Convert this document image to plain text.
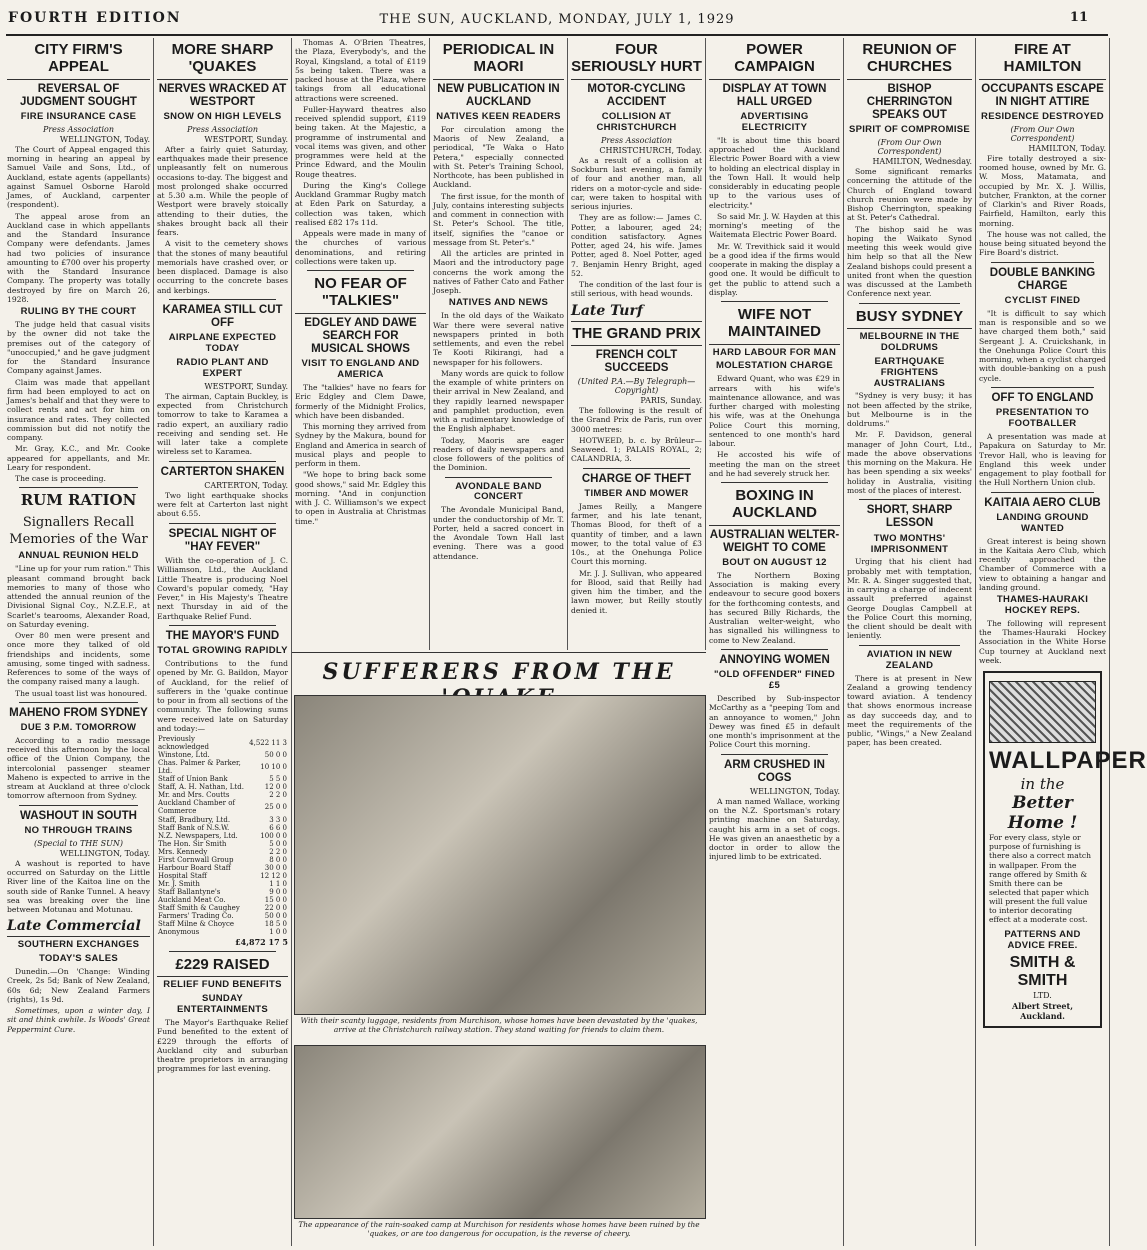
FOURTH EDITION	THE SUN, AUCKLAND, MONDAY, JULY 1, 1929	11
CITY FIRM'S APPEAL
REVERSAL OF JUDGMENT SOUGHT
FIRE INSURANCE CASE
Press Association
WELLINGTON, Today.

The Court of Appeal engaged this morning in hearing an appeal by Samuel Vaile and Sons, Ltd., of Auckland, estate agents (appellants) against Samuel Osborne Harold James, of Auckland, carpenter (respondent).

The appeal arose from an Auckland case in which appellants and the Standard Insurance Company were defendants. James had two policies of insurance amounting to £700 over his property with the Standard Insurance Company. The property was totally destroyed by fire on March 26, 1928.

RULING BY THE COURT

The judge held that casual visits by the owner did not take the premises out of the category of "unoccupied," and he gave judgment for the Standard Insurance Company against James.

Claim was made that appellant firm had been employed to act on James's behalf and that they were to collect rents and act for him on insurance and rates. They collected commission but did not notify the company.

Mr. Gray, K.C., and Mr. Cooke appeared for appellants, and Mr. Leary for respondent.

The case is proceeding.

RUM RATION
Signallers Recall
Memories of the War
ANNUAL REUNION HELD

"Line up for your rum ration." This pleasant command brought back memories to many of those who attended the annual reunion of the Divisional Signal Coy., N.Z.E.F., at Scarlet's tearooms, Alexander Road, on Saturday evening.

Over 80 men were present and once more they talked of old friendships and incidents, some amusing, some tinged with sadness. References to some of the ways of the company raised many a laugh.

The usual toast list was honoured.

MAHENO FROM SYDNEY
DUE 3 P.M. TOMORROW

According to a radio message received this afternoon by the local office of the Union Company, the intercolonial passenger steamer Maheno is expected to arrive in the stream at Auckland at three o'clock tomorrow afternoon from Sydney.

WASHOUT IN SOUTH
NO THROUGH TRAINS
(Special to THE SUN)
WELLINGTON, Today.

A washout is reported to have occurred on Saturday on the Little River line of the Kaitoa line on the south side of Ranke Tunnel. A heavy sea was breaking over the line between Motunau and Motunau.

Late Commercial
SOUTHERN EXCHANGES
TODAY'S SALES

Dunedin.—On 'Change: Winding Creek, 2s 5d; Bank of New Zealand, 60s 6d; New Zealand Farmers (rights), 1s 9d.

Sometimes, upon a winter day, I sit and think awhile. Is Woods' Great Peppermint Cure.

MORE SHARP 'QUAKES
NERVES WRACKED AT WESTPORT
SNOW ON HIGH LEVELS
Press Association
WESTPORT, Sunday.

After a fairly quiet Saturday, earthquakes made their presence unpleasantly felt on numerous occasions to-day. The biggest and most prolonged shake occurred at 5.30 a.m. While the people of Westport were bravely stoically attending to their duties, the shakes brought back all their fears.

A visit to the cemetery shows that the stones of many beautiful memorials have crashed over, or been displaced. Damage is also occurring to the concrete bases and kerbings.

KARAMEA STILL CUT OFF
AIRPLANE EXPECTED TODAY
RADIO PLANT AND EXPERT
WESTPORT, Sunday.

The airman, Captain Buckley, is expected from Christchurch tomorrow to take to Karamea a radio expert, an auxiliary radio receiving and sending set. He will later take a complete wireless set to Karamea.

CARTERTON SHAKEN
CARTERTON, Today.

Two light earthquake shocks were felt at Carterton last night about 6.55.

SPECIAL NIGHT OF "HAY FEVER"

With the co-operation of J. C. Williamson, Ltd., the Auckland Little Theatre is producing Noel Coward's popular comedy, "Hay Fever," in His Majesty's Theatre next Thursday in aid of the Earthquake Relief Fund.

THE MAYOR'S FUND
TOTAL GROWING RAPIDLY

Contributions to the fund opened by Mr. G. Baildon, Mayor of Auckland, for the relief of sufferers in the 'quake continue to pour in from all sections of the community. The following sums were received late on Saturday and today:—

Previously acknowledged	4,522 11 3
Winstone, Ltd.	50 0 0
Chas. Palmer & Parker, Ltd.	10 10 0
Staff of Union Bank	5 5 0
Staff, A. H. Nathan, Ltd.	12 0 0
Mr. and Mrs. Coutts	2 2 0
Auckland Chamber of Commerce	25 0 0
Staff, Bradbury, Ltd.	3 3 0
Staff Bank of N.S.W.	6 6 0
N.Z. Newspapers, Ltd.	100 0 0
The Hon. Sir Smith	5 0 0
Mrs. Kennedy	2 2 0
First Cornwall Group	8 0 0
Harbour Board Staff	30 0 0
Hospital Staff	12 12 0
Mr. J. Smith	1 1 0
Staff Ballantyne's	9 0 0
Auckland Meat Co.	15 0 0
Staff Smith & Caughey	22 0 0
Farmers' Trading Co.	50 0 0
Staff Milne & Choyce	18 5 0
Anonymous	1 0 0
£4,872 17 5
£229 RAISED
RELIEF FUND BENEFITS
SUNDAY ENTERTAINMENTS

The Mayor's Earthquake Relief Fund benefited to the extent of £229 through the efforts of Auckland city and suburban theatre proprietors in arranging programmes for last evening.

Thomas A. O'Brien Theatres, the Plaza, Everybody's, and the Royal, Kingsland, a total of £119 5s being taken. There was a packed house at the Plaza, where takings from all educational attractions were screened.

Fuller-Hayward theatres also received splendid support, £119 being taken. At the Majestic, a programme of instrumental and vocal items was given, and other programmes were held at the Prince Edward, and the Moulin Rouge theatres.

During the King's College Auckland Grammar Rugby match at Eden Park on Saturday, a collection was taken, which realised £82 17s 11d.

Appeals were made in many of the churches of various denominations, and retiring collections were taken up.

NO FEAR OF "TALKIES"
EDGLEY AND DAWE SEARCH FOR MUSICAL SHOWS
VISIT TO ENGLAND AND AMERICA

The "talkies" have no fears for Eric Edgley and Clem Dawe, formerly of the Midnight Frolics, which have been disbanded.

This morning they arrived from Sydney by the Makura, bound for England and America in search of musical plays and people to perform in them.

"We hope to bring back some good shows," said Mr. Edgley this morning. "And in conjunction with J. C. Williamson's we expect to open in Australia at Christmas time."

PERIODICAL IN MAORI
NEW PUBLICATION IN AUCKLAND
NATIVES KEEN READERS

For circulation among the Maoris of New Zealand, a periodical, "Te Waka o Hato Petera," especially connected with St. Peter's Training School, Northcote, has been published in Auckland.

The first issue, for the month of July, contains interesting subjects and comment in connection with St. Peter's School. The title, itself, signifies the "canoe or message from St. Peter's."

All the articles are printed in Maori and the introductory page concerns the work among the natives of Father Cato and Father Joseph.

NATIVES AND NEWS

In the old days of the Waikato War there were several native newspapers printed in both settlements, and even the rebel Te Kooti Rikirangi, had a newspaper for his followers.

Many words are quick to follow the example of white printers on their arrival in New Zealand, and they rapidly learned newspaper and pamphlet production, even with a rudimentary knowledge of the English alphabet.

Today, Maoris are eager readers of daily newspapers and close followers of the politics of the Dominion.

AVONDALE BAND CONCERT

The Avondale Municipal Band, under the conductorship of Mr. T. Porter, held a sacred concert in the Avondale Town Hall last evening. There was a good attendance.

FOUR SERIOUSLY HURT
MOTOR-CYCLING ACCIDENT
COLLISION AT CHRISTCHURCH
Press Association
CHRISTCHURCH, Today.

As a result of a collision at Sockburn last evening, a family of four and another man, all riders on a motor-cycle and side-car, were taken to hospital with serious injuries.

They are as follow:— James C. Potter, a labourer, aged 24; condition satisfactory. Agnes Potter, aged 24, his wife. James Potter, aged 8. Noel Potter, aged 7. Benjamin Henry Bright, aged 52.

The condition of the last four is still serious, with head wounds.

Late Turf
THE GRAND PRIX
FRENCH COLT SUCCEEDS
(United P.A.—By Telegraph—Copyright)
PARIS, Sunday.

The following is the result of the Grand Prix de Paris, run over 3000 metres:

HOTWEED, b. c. by Brûleur—Seaweed. 1; PALAIS ROYAL, 2; CALANDRIA, 3.

CHARGE OF THEFT
TIMBER AND MOWER

James Reilly, a Mangere farmer, and his late tenant, Thomas Blood, for theft of a quantity of timber, and a lawn mower, to the total value of £3 10s., at the Onehunga Police Court this morning.

Mr. J. J. Sullivan, who appeared for Blood, said that Reilly had given him the timber, and the lawn mower, but Reilly stoutly denied it.

POWER CAMPAIGN
DISPLAY AT TOWN HALL URGED
ADVERTISING ELECTRICITY

"It is about time this board approached the Auckland Electric Power Board with a view to holding an electrical display in the Town Hall. It would help considerably in educating people up to the various uses of electricity."

So said Mr. J. W. Hayden at this morning's meeting of the Waitemata Electric Power Board.

Mr. W. Trevithick said it would be a good idea if the firms would cooperate in making the display a good one. It would be difficult to get the public to attend such a display.

WIFE NOT MAINTAINED
HARD LABOUR FOR MAN
MOLESTATION CHARGE

Edward Quant, who was £29 in arrears with his wife's maintenance allowance, and was further charged with molesting his wife, was at the Onehunga Police Court this morning, sentenced to one month's hard labour.

He accosted his wife of meeting the man on the street and he had severely struck her.

BOXING IN AUCKLAND
AUSTRALIAN WELTER-WEIGHT TO COME
BOUT ON AUGUST 12

The Northern Boxing Association is making every endeavour to secure good boxers for the forthcoming contests, and has secured Billy Richards, the Australian welter-weight, who has signalled his willingness to come to New Zealand.

ANNOYING WOMEN
"OLD OFFENDER" FINED £5

Described by Sub-inspector McCarthy as a "peeping Tom and an annoyance to women," John Dewey was fined £5 in default one month's imprisonment at the Police Court this morning.

ARM CRUSHED IN COGS
WELLINGTON, Today.

A man named Wallace, working on the N.Z. Sportsman's rotary printing machine on Saturday, caught his arm in a set of cogs. He was given an anaesthetic by a doctor in order to allow the injured limb to be extricated.

REUNION OF CHURCHES
BISHOP CHERRINGTON SPEAKS OUT
SPIRIT OF COMPROMISE
(From Our Own Correspondent)
HAMILTON, Wednesday.

Some significant remarks concerning the attitude of the Church of England toward church reunion were made by Bishop Cherrington, speaking at St. Peter's Cathedral.

The bishop said he was hoping the Waikato Synod meeting this week would give him help so that all the New Zealand bishops could present a united front when the question was discussed at the Lambeth Conference next year.

BUSY SYDNEY
MELBOURNE IN THE DOLDRUMS
EARTHQUAKE FRIGHTENS AUSTRALIANS

"Sydney is very busy; it has not been affected by the strike, but Melbourne is in the doldrums."

Mr. F. Davidson, general manager of John Court, Ltd., made the above observations this morning on the Makura. He has been spending a six weeks' holiday in Australia, visiting most of the places of interest.

SHORT, SHARP LESSON
TWO MONTHS' IMPRISONMENT

Urging that his client had probably met with temptation, Mr. R. A. Singer suggested that, in carrying a charge of indecent assault preferred against George Douglas Campbell at the Police Court this morning, the client should be dealt with leniently.

AVIATION IN NEW ZEALAND

There is at present in New Zealand a growing tendency toward aviation. A tendency that shows enormous increase as day succeeds day, and to meet the requirements of the public, "Wings," a New Zealand paper, has been created.

FIRE AT HAMILTON
OCCUPANTS ESCAPE IN NIGHT ATTIRE
RESIDENCE DESTROYED
(From Our Own Correspondent)
HAMILTON, Today.

Fire totally destroyed a six-roomed house, owned by Mr. G. W. Moss, Matamata, and occupied by Mr. X. J. Willis, butcher, Frankton, at the corner of Clarkin's and River Roads, Fairfield, Hamilton, early this morning.

The house was not called, the house being situated beyond the Fire Board's district.

DOUBLE BANKING CHARGE
CYCLIST FINED

"It is difficult to say which man is responsible and so we have charged them both," said Sergeant J. A. Cruickshank, in the Onehunga Police Court this morning, when a cyclist charged with double-banking on a push cycle.

OFF TO ENGLAND
PRESENTATION TO FOOTBALLER

A presentation was made at Papakura on Saturday to Mr. Trevor Hall, who is leaving for England this week under engagement to play football for the Hull Northern Union club.

KAITAIA AERO CLUB
LANDING GROUND WANTED

Great interest is being shown in the Kaitaia Aero Club, which recently approached the Chamber of Commerce with a view to obtaining a hangar and landing ground.

THAMES-HAURAKI HOCKEY REPS.

The following will represent the Thames-Hauraki Hockey Association in the White Horse Cup tourney at Auckland next week.

WALLPAPER
in the
Better Home !
For every class, style or purpose of furnishing is there also a correct match in wallpaper. From the range offered by Smith & Smith there can be selected that paper which will present the full value to interior decorating effect at a moderate cost.
PATTERNS AND ADVICE FREE.
SMITH & SMITH
LTD.
Albert Street, Auckland.
SUFFERERS FROM THE
With their scanty luggage, residents from Murchison, whose homes have been devastated by the 'quakes, arrive at the Christchurch railway station. They stand waiting for friends to claim them.
The appearance of the rain-soaked camp at Murchison for residents whose homes have been ruined by the 'quakes, or are too dangerous for occupation, is the reverse of cheery.
